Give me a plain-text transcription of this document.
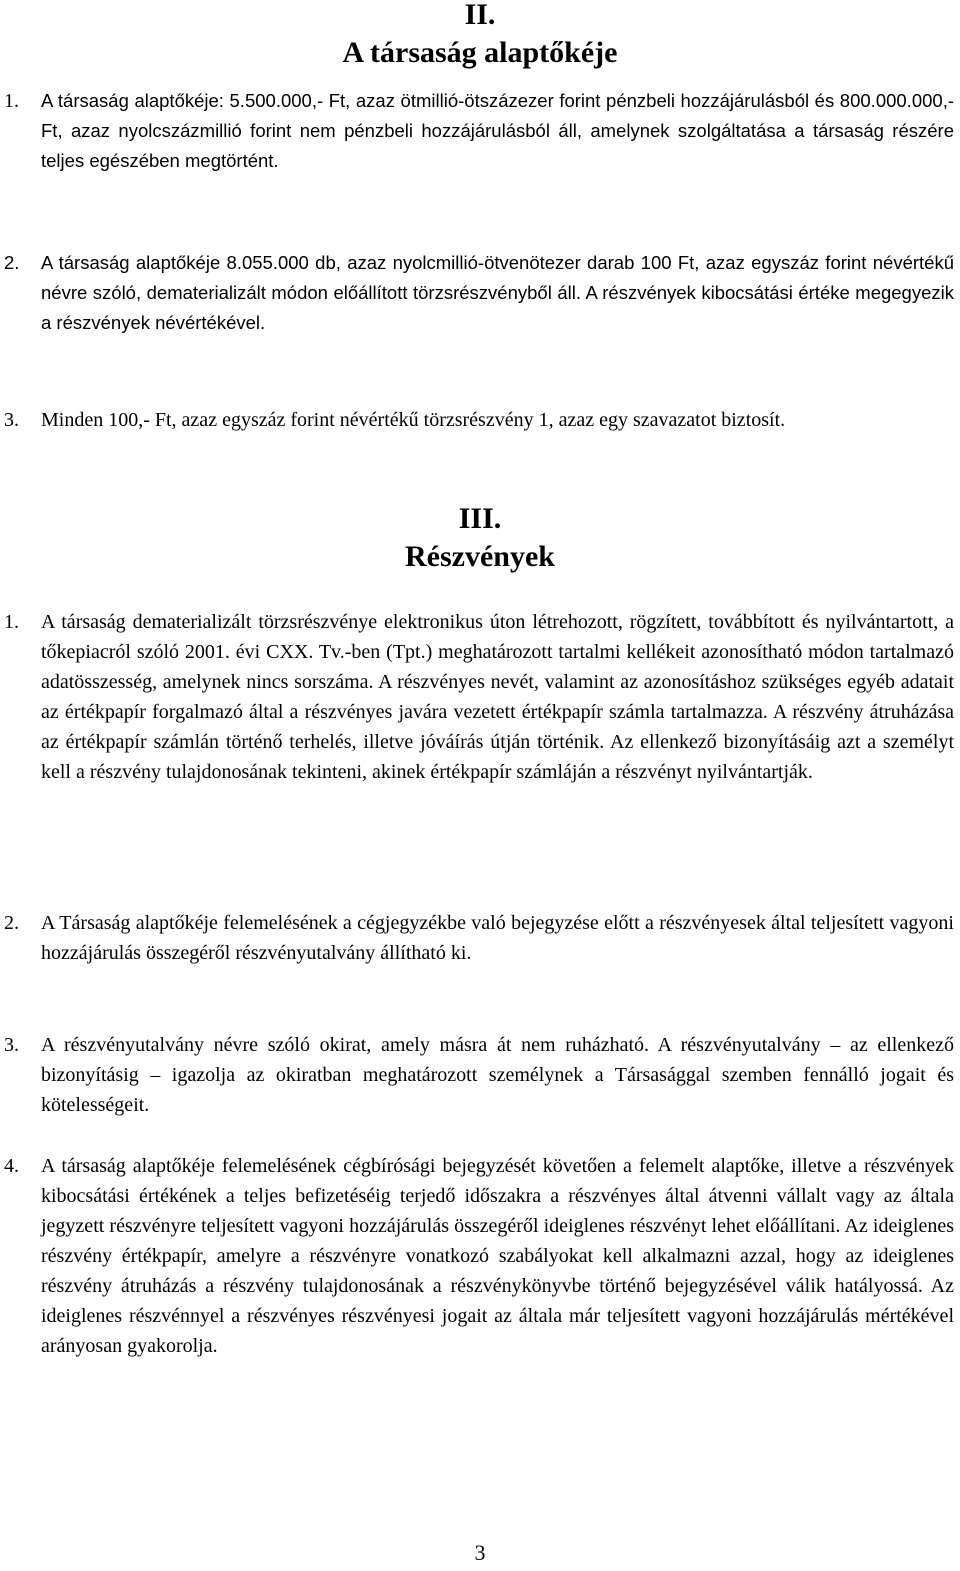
II.

A társaság alaptőkéje

1. A társaság alaptőkéje: 5.500.000,- Ft, azaz ötmillió-ötszázezer forint pénzbeli hozzájárulásból és 800.000.000,- Ft, azaz nyolcszázmillió forint nem pénzbeli hozzájárulásból áll, amelynek szolgáltatása a társaság részére teljes egészében megtörtént.

2. A társaság alaptőkéje 8.055.000 db, azaz nyolcmillió-ötvenötezer darab 100 Ft, azaz egyszáz forint névértékű névre szóló, dematerializált módon előállított törzsrészvényből áll. A részvények kibocsátási értéke megegyezik a részvények névértékével.

3. Minden 100,- Ft, azaz egyszáz forint névértékű törzsrészvény 1, azaz egy szavazatot biztosít.

III.

Részvények

1. A társaság dematerializált törzsrészvénye elektronikus úton létrehozott, rögzített, továbbított és nyilvántartott, a tőkepiacról szóló 2001. évi CXX. Tv.-ben (Tpt.) meghatározott tartalmi kellékeit azonosítható módon tartalmazó adatösszesség, amelynek nincs sorszáma. A részvényes nevét, valamint az azonosításhoz szükséges egyéb adatait az értékpapír forgalmazó által a részvényes javára vezetett értékpapír számla tartalmazza. A részvény átruházása az értékpapír számlán történő terhelés, illetve jóváírás útján történik. Az ellenkező bizonyításáig azt a személyt kell a részvény tulajdonosának tekinteni, akinek értékpapír számláján a részvényt nyilvántartják.

2. A Társaság alaptőkéje felemelésének a cégjegyzékbe való bejegyzése előtt a részvényesek által teljesített vagyoni hozzájárulás összegéről részvényutalvány állítható ki.

3. A részvényutalvány névre szóló okirat, amely másra át nem ruházható. A részvényutalvány – az ellenkező bizonyításig – igazolja az okiratban meghatározott személynek a Társasággal szemben fennálló jogait és kötelességeit.

4. A társaság alaptőkéje felemelésének cégbírósági bejegyzését követően a felemelt alaptőke, illetve a részvények kibocsátási értékének a teljes befizetéséig terjedő időszakra a részvényes által átvenni vállalt vagy az általa jegyzett részvényre teljesített vagyoni hozzájárulás összegéről ideiglenes részvényt lehet előállítani. Az ideiglenes részvény értékpapír, amelyre a részvényre vonatkozó szabályokat kell alkalmazni azzal, hogy az ideiglenes részvény átruházás a részvény tulajdonosának a részvénykönyvbe történő bejegyzésével válik hatályossá. Az ideiglenes részvénnyel a részvényes részvényesi jogait az általa már teljesített vagyoni hozzájárulás mértékével arányosan gyakorolja.

3
